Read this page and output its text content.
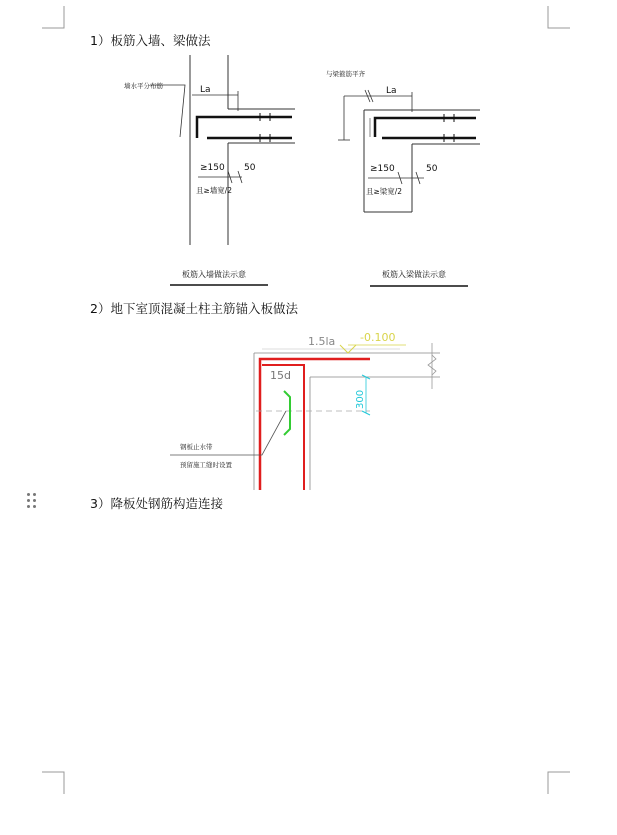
1）板筋入墙、梁做法
2）地下室顶混凝土柱主筋锚入板做法
3）降板处钢筋构造连接
La
墙水平分布筋
≥150 50
且≥墙宽/2
板筋入墙做法示意
La
与梁箍筋平齐
≥150	50
且≥梁宽/2
板筋入梁做法示意
1.5la -0.100
15d
300
钢板止水带
预留施工缝时设置
